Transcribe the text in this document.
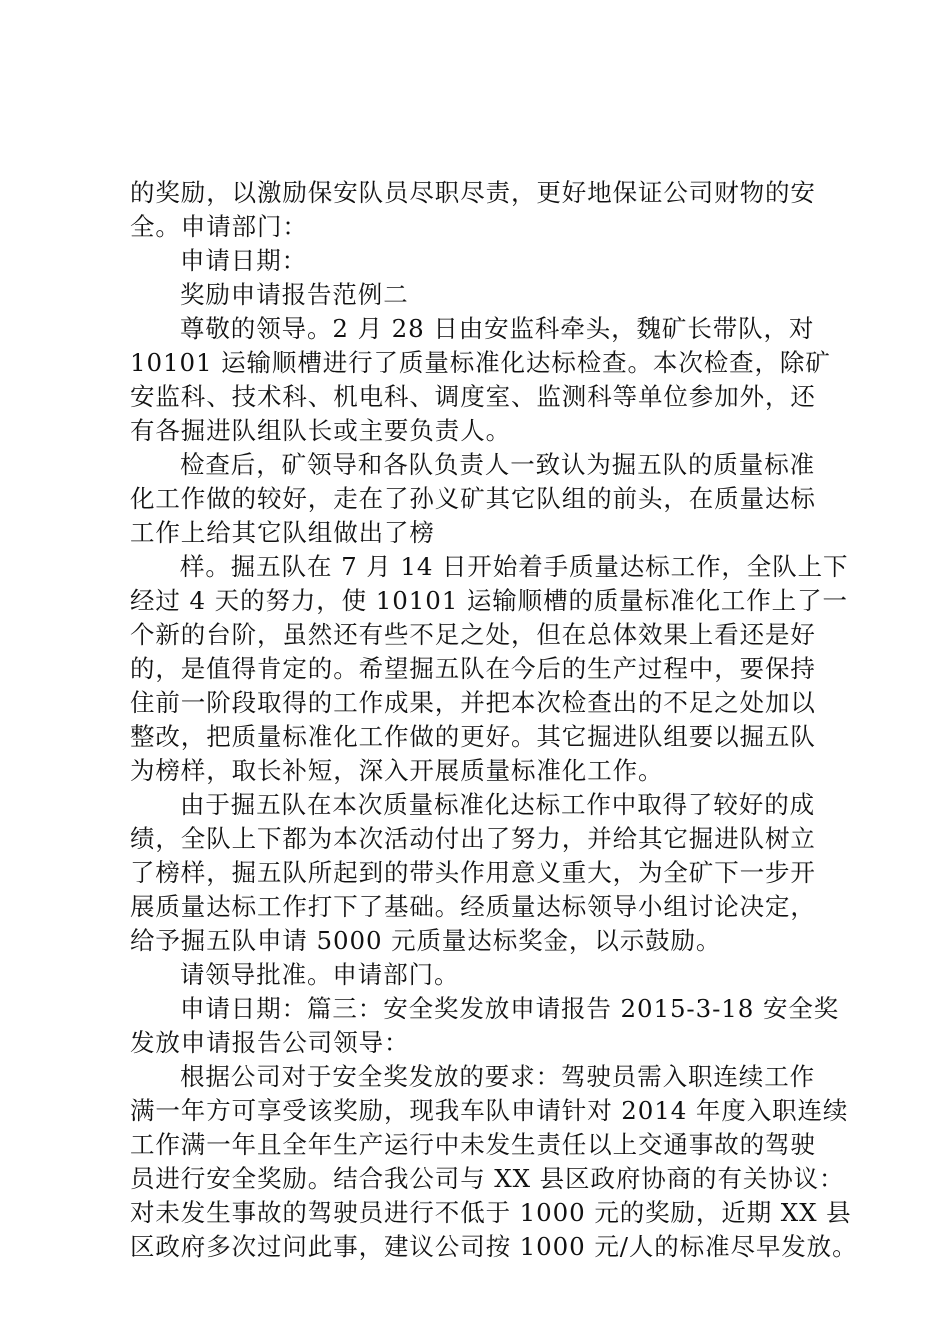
的奖励，以激励保安队员尽职尽责，更好地保证公司财物的安
全。申请部门：
申请日期：
奖励申请报告范例二
尊敬的领导。2 月 28 日由安监科牵头，魏矿长带队，对
10101 运输顺槽进行了质量标准化达标检查。本次检查，除矿
安监科、技术科、机电科、调度室、监测科等单位参加外，还
有各掘进队组队长或主要负责人。
检查后，矿领导和各队负责人一致认为掘五队的质量标准
化工作做的较好，走在了孙义矿其它队组的前头，在质量达标
工作上给其它队组做出了榜
样。掘五队在 7 月 14 日开始着手质量达标工作，全队上下
经过 4 天的努力，使 10101 运输顺槽的质量标准化工作上了一
个新的台阶，虽然还有些不足之处，但在总体效果上看还是好
的，是值得肯定的。希望掘五队在今后的生产过程中，要保持
住前一阶段取得的工作成果，并把本次检查出的不足之处加以
整改，把质量标准化工作做的更好。其它掘进队组要以掘五队
为榜样，取长补短，深入开展质量标准化工作。
由于掘五队在本次质量标准化达标工作中取得了较好的成
绩，全队上下都为本次活动付出了努力，并给其它掘进队树立
了榜样，掘五队所起到的带头作用意义重大，为全矿下一步开
展质量达标工作打下了基础。经质量达标领导小组讨论决定，
给予掘五队申请 5000 元质量达标奖金，以示鼓励。
请领导批准。申请部门。
申请日期：篇三：安全奖发放申请报告 2015-3-18 安全奖
发放申请报告公司领导：
根据公司对于安全奖发放的要求：驾驶员需入职连续工作
满一年方可享受该奖励，现我车队申请针对 2014 年度入职连续
工作满一年且全年生产运行中未发生责任以上交通事故的驾驶
员进行安全奖励。结合我公司与 XX 县区政府协商的有关协议：
对未发生事故的驾驶员进行不低于 1000 元的奖励，近期 XX 县
区政府多次过问此事，建议公司按 1000 元/人的标准尽早发放。
